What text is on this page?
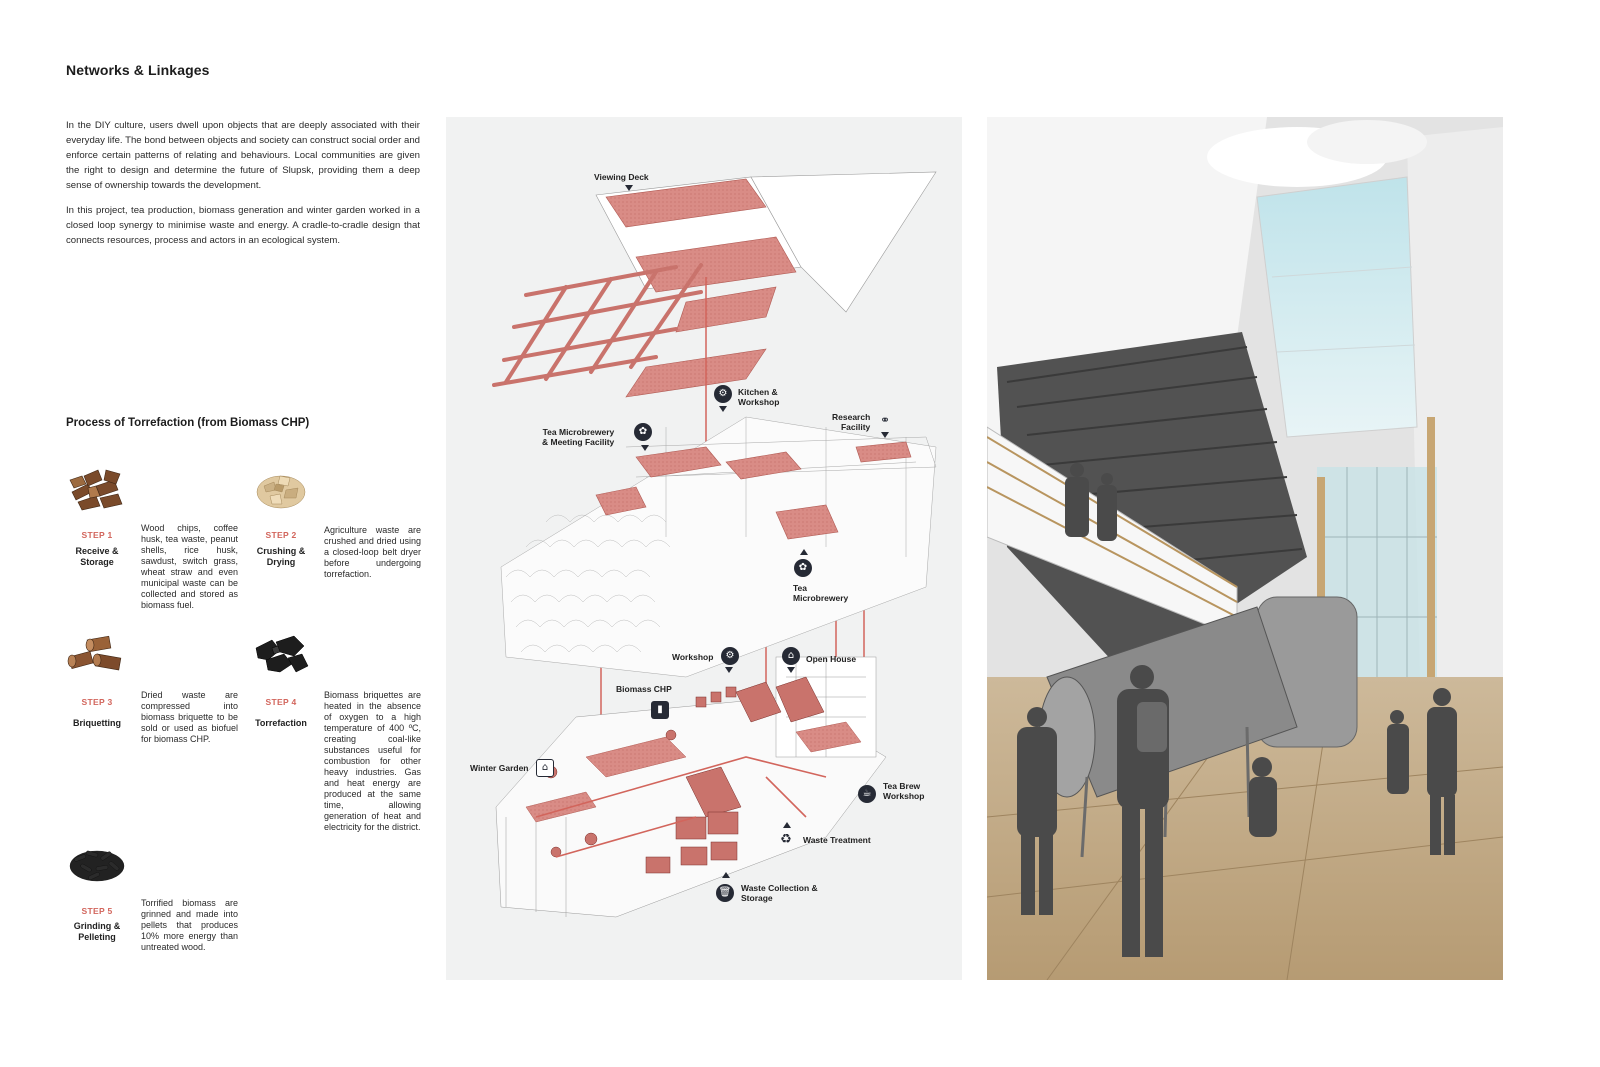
Networks & Linkages

In the DIY culture, users dwell upon objects that are deeply associated with their everyday life. The bond between objects and society can construct social order and enforce certain patterns of relating and behaviours. Local communities are given the right to design and determine the future of Slupsk, providing them a deep sense of ownership towards the development.

In this project, tea production, biomass generation and winter garden worked in a closed loop synergy to minimise waste and energy. A cradle-to-cradle design that connects resources, process and actors in an ecological system.

Process of Torrefaction (from Biomass CHP)
STEP 1
Receive &
Storage
Wood chips, coffee husk, tea waste, peanut shells, rice husk, sawdust, switch grass, wheat straw and even municipal waste can be collected and stored as biomass fuel.
STEP 2
Crushing &
Drying
Agriculture waste are crushed and dried using a closed-loop belt dryer before undergoing torrefaction.
STEP 3
Briquetting
Dried waste are compressed into biomass briquette to be sold or used as biofuel for biomass CHP.
STEP 4
Torrefaction
Biomass briquettes are heated in the absence of oxygen to a high temperature of 400 ºC, creating coal-like substances useful for combustion for other heavy industries. Gas and heat energy are produced at the same time, allowing generation of heat and electricity for the district.
STEP 5
Grinding &
Pelleting
Torrified biomass are grinned and made into pellets that produces 10% more energy than untreated wood.
Viewing Deck
⚙	Kitchen &
Workshop
✿
Tea Microbrewery
& Meeting Facility
⚭
Research
Facility
✿
Tea
Microbrewery
Workshop	⚙	⌂	Open House
Biomass CHP
▮
Winter Garden	⌂
☕
Tea Brew
Workshop
♻	Waste Treatment
🗑	Waste Collection &
Storage
